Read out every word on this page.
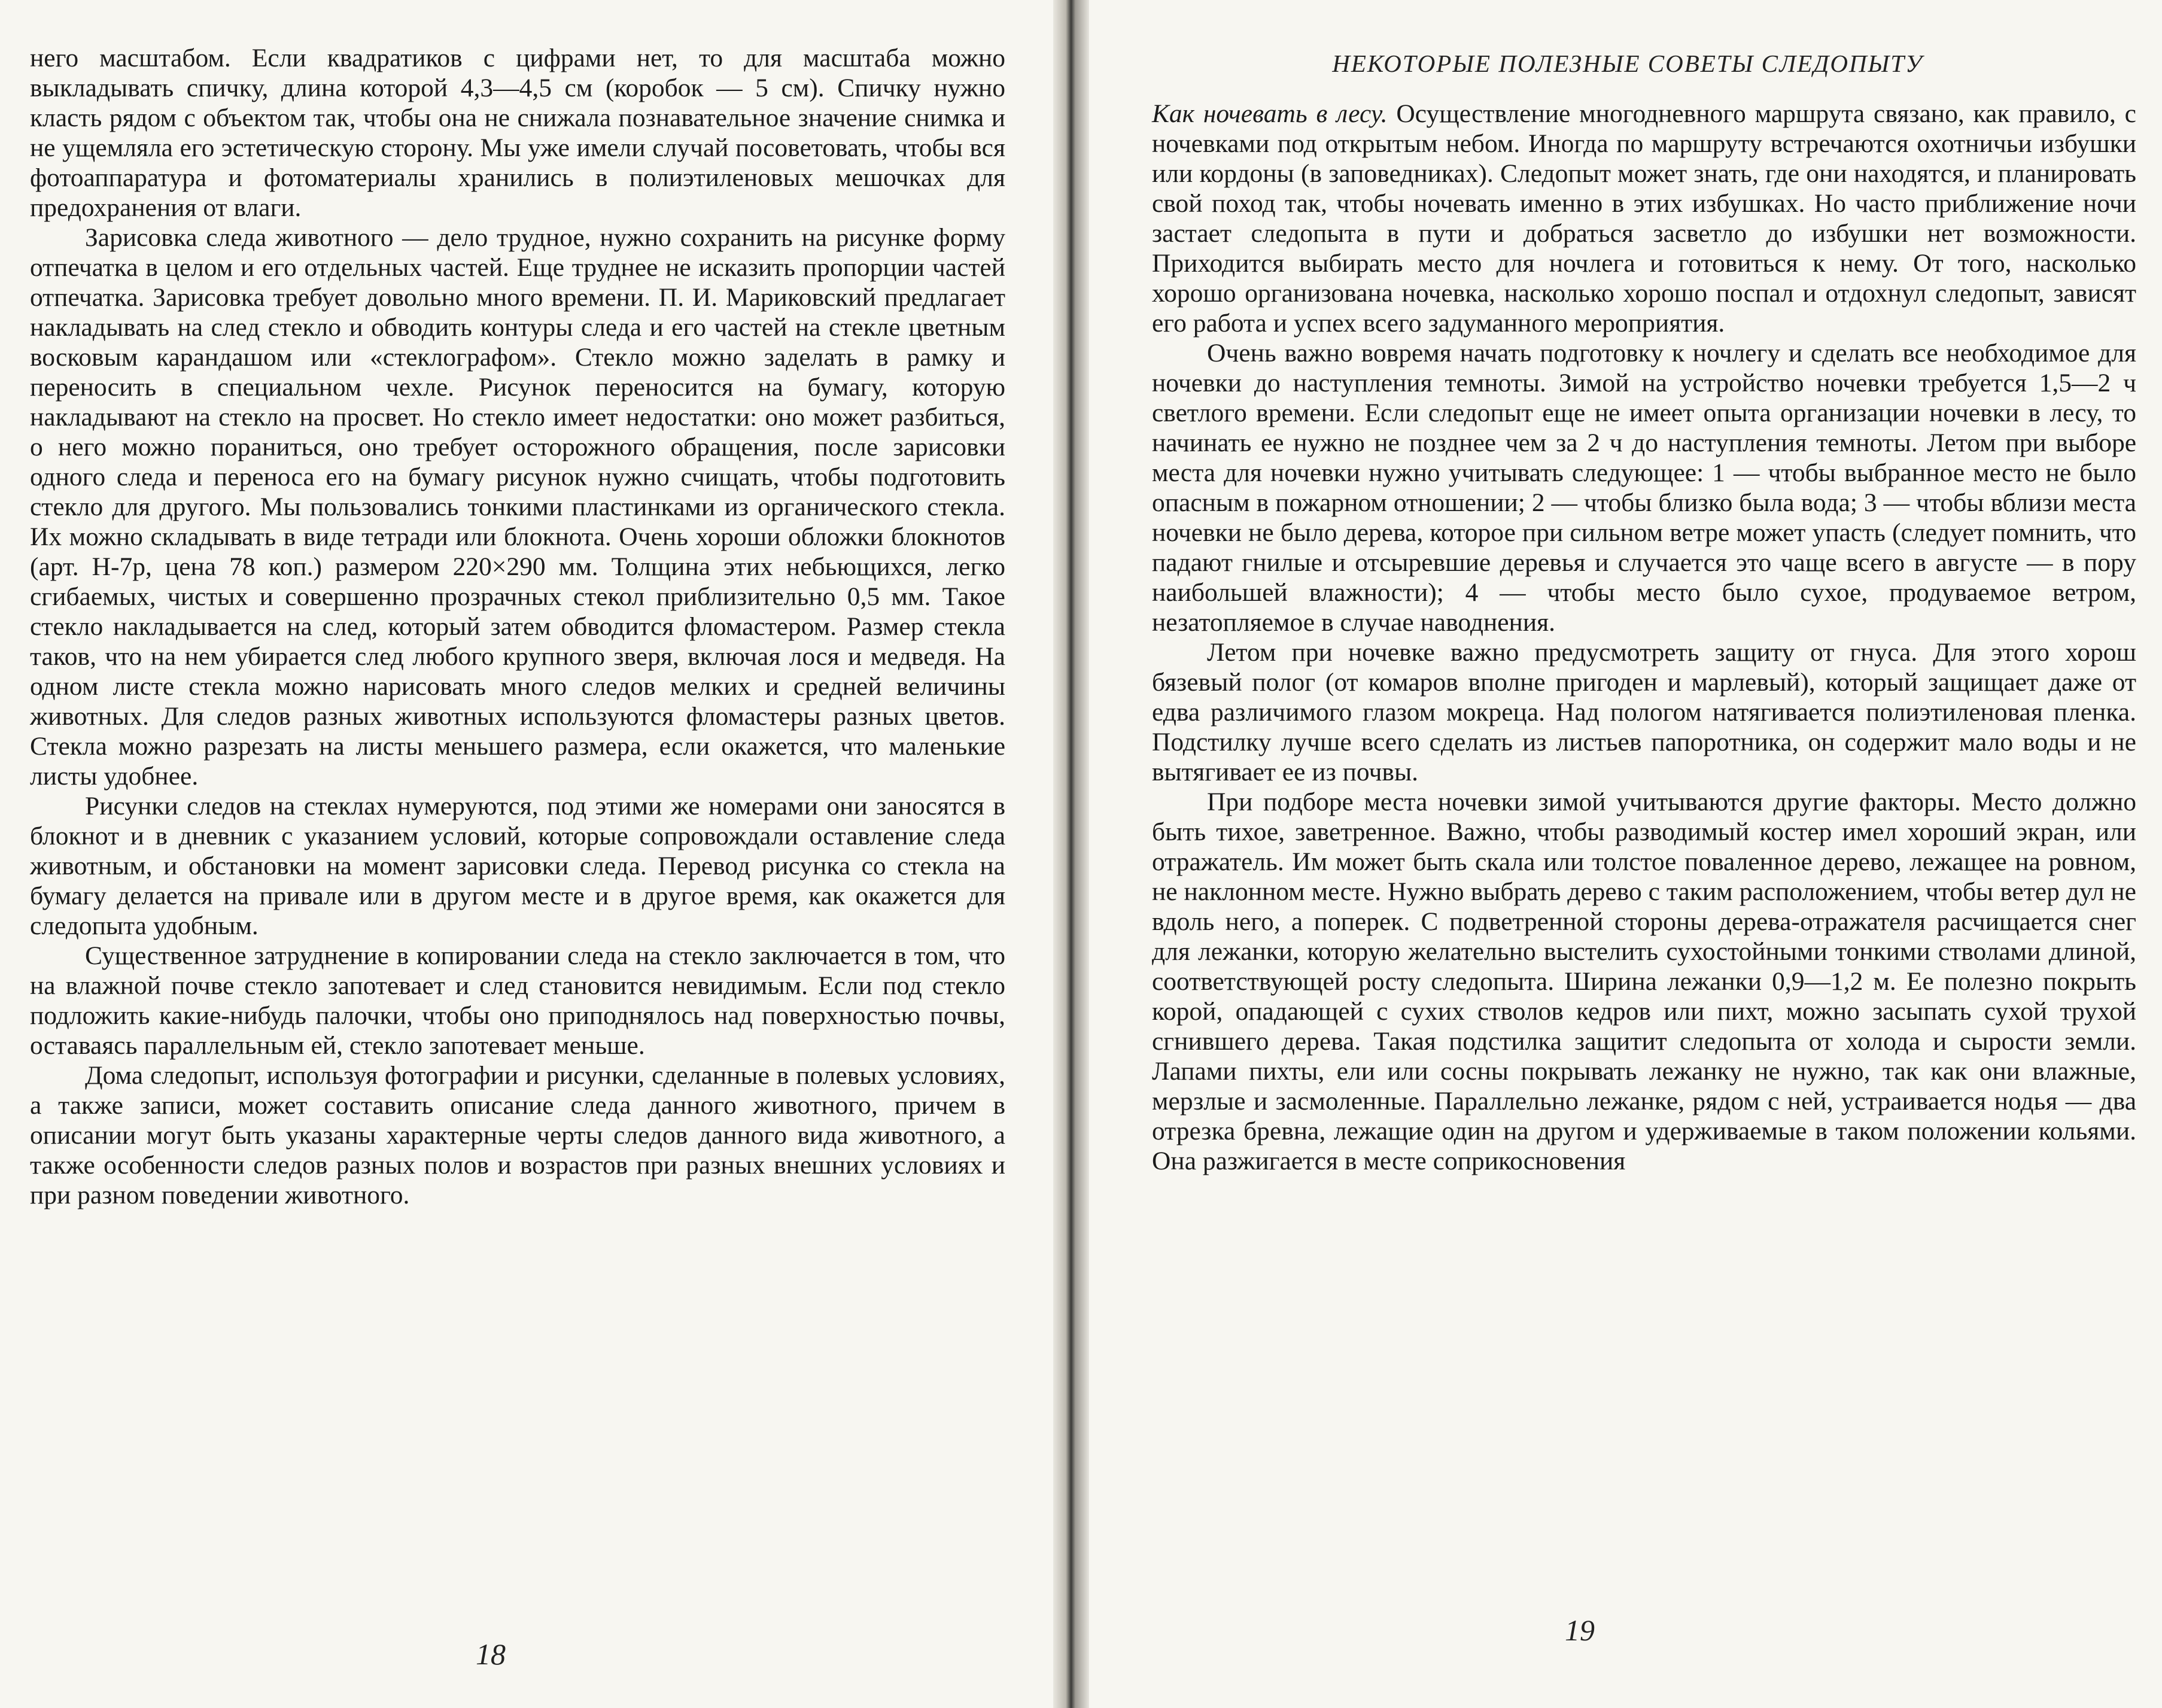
него масштабом. Если квадратиков с цифрами нет, то для масштаба можно выкладывать спичку, длина которой 4,3—4,5 см (коробок — 5 см). Спичку нужно класть рядом с объектом так, чтобы она не снижала познавательное значение снимка и не ущемляла его эстетическую сторону. Мы уже имели случай посоветовать, чтобы вся фотоаппаратура и фотоматериалы хранились в полиэтиленовых мешочках для предохранения от влаги.

Зарисовка следа животного — дело трудное, нужно сохранить на рисунке форму отпечатка в целом и его отдельных частей. Еще труднее не исказить пропорции частей отпечатка. Зарисовка требует довольно много времени. П. И. Мариковский предлагает накладывать на след стекло и обводить контуры следа и его частей на стекле цветным восковым карандашом или «стеклографом». Стекло можно заделать в рамку и переносить в специальном чехле. Рисунок переносится на бумагу, которую накладывают на стекло на просвет. Но стекло имеет недостатки: оно может разбиться, о него можно пораниться, оно требует осторожного обращения, после зарисовки одного следа и переноса его на бумагу рисунок нужно счищать, чтобы подготовить стекло для другого. Мы пользовались тонкими пластинками из органического стекла. Их можно складывать в виде тетради или блокнота. Очень хороши обложки блокнотов (арт. Н-7р, цена 78 коп.) размером 220×290 мм. Толщина этих небьющихся, легко сгибаемых, чистых и совершенно прозрачных стекол приблизительно 0,5 мм. Такое стекло накладывается на след, который затем обводится фломастером. Размер стекла таков, что на нем убирается след любого крупного зверя, включая лося и медведя. На одном листе стекла можно нарисовать много следов мелких и средней величины животных. Для следов разных животных используются фломастеры разных цветов. Стекла можно разрезать на листы меньшего размера, если окажется, что маленькие листы удобнее.

Рисунки следов на стеклах нумеруются, под этими же номерами они заносятся в блокнот и в дневник с указанием условий, которые сопровождали оставление следа животным, и обстановки на момент зарисовки следа. Перевод рисунка со стекла на бумагу делается на привале или в другом месте и в другое время, как окажется для следопыта удобным.

Существенное затруднение в копировании следа на стекло заключается в том, что на влажной почве стекло запотевает и след становится невидимым. Если под стекло подложить какие-нибудь палочки, чтобы оно приподнялось над поверхностью почвы, оставаясь параллельным ей, стекло запотевает меньше.

Дома следопыт, используя фотографии и рисунки, сделанные в полевых условиях, а также записи, может составить описание следа данного животного, причем в описании могут быть указаны характерные черты следов данного вида животного, а также особенности следов разных полов и возрастов при разных внешних условиях и при разном поведении животного.

18
НЕКОТОРЫЕ ПОЛЕЗНЫЕ СОВЕТЫ СЛЕДОПЫТУ

Как ночевать в лесу. Осуществление многодневного маршрута связано, как правило, с ночевками под открытым небом. Иногда по маршруту встречаются охотничьи избушки или кордоны (в заповедниках). Следопыт может знать, где они находятся, и планировать свой поход так, чтобы ночевать именно в этих избушках. Но часто приближение ночи застает следопыта в пути и добраться засветло до избушки нет возможности. Приходится выбирать место для ночлега и готовиться к нему. От того, насколько хорошо организована ночевка, насколько хорошо поспал и отдохнул следопыт, зависят его работа и успех всего задуманного мероприятия.

Очень важно вовремя начать подготовку к ночлегу и сделать все необходимое для ночевки до наступления темноты. Зимой на устройство ночевки требуется 1,5—2 ч светлого времени. Если следопыт еще не имеет опыта организации ночевки в лесу, то начинать ее нужно не позднее чем за 2 ч до наступления темноты. Летом при выборе места для ночевки нужно учитывать следующее: 1 — чтобы выбранное место не было опасным в пожарном отношении; 2 — чтобы близко была вода; 3 — чтобы вблизи места ночевки не было дерева, которое при сильном ветре может упасть (следует помнить, что падают гнилые и отсыревшие деревья и случается это чаще всего в августе — в пору наибольшей влажности); 4 — чтобы место было сухое, продуваемое ветром, незатопляемое в случае наводнения.

Летом при ночевке важно предусмотреть защиту от гнуса. Для этого хорош бязевый полог (от комаров вполне пригоден и марлевый), который защищает даже от едва различимого глазом мокреца. Над пологом натягивается полиэтиленовая пленка. Подстилку лучше всего сделать из листьев папоротника, он содержит мало воды и не вытягивает ее из почвы.

При подборе места ночевки зимой учитываются другие факторы. Место должно быть тихое, заветренное. Важно, чтобы разводимый костер имел хороший экран, или отражатель. Им может быть скала или толстое поваленное дерево, лежащее на ровном, не наклонном месте. Нужно выбрать дерево с таким расположением, чтобы ветер дул не вдоль него, а поперек. С подветренной стороны дерева-отражателя расчищается снег для лежанки, которую желательно выстелить сухостойными тонкими стволами длиной, соответствующей росту следопыта. Ширина лежанки 0,9—1,2 м. Ее полезно покрыть корой, опадающей с сухих стволов кедров или пихт, можно засыпать сухой трухой сгнившего дерева. Такая подстилка защитит следопыта от холода и сырости земли. Лапами пихты, ели или сосны покрывать лежанку не нужно, так как они влажные, мерзлые и засмоленные. Параллельно лежанке, рядом с ней, устраивается нодья — два отрезка бревна, лежащие один на другом и удерживаемые в таком положении кольями. Она разжигается в месте соприкосновения

19
